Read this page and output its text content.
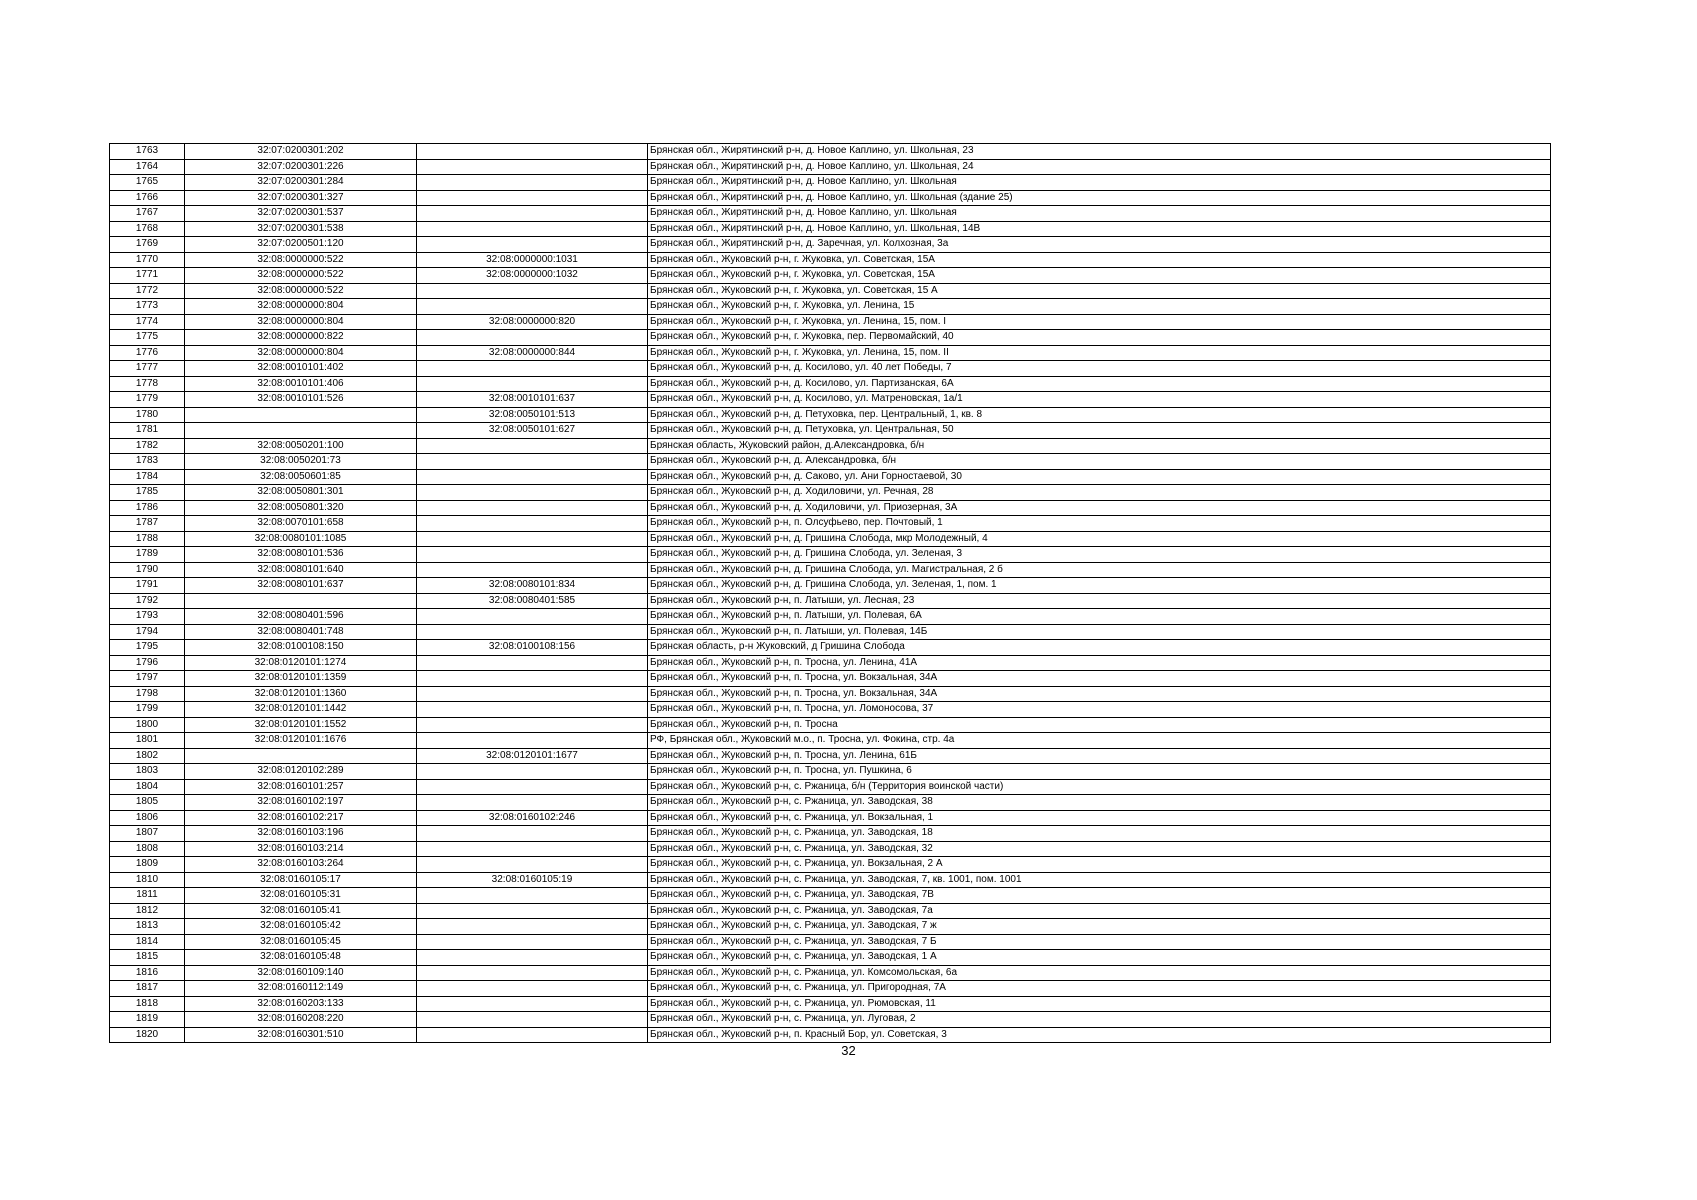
1763	32:07:0200301:202		Брянская обл., Жирятинский р-н, д. Новое Каплино, ул. Школьная, 23
1764	32:07:0200301:226		Брянская обл., Жирятинский р-н, д. Новое Каплино, ул. Школьная, 24
1765	32:07:0200301:284		Брянская обл., Жирятинский р-н, д. Новое Каплино, ул. Школьная
1766	32:07:0200301:327		Брянская обл., Жирятинский р-н, д. Новое Каплино, ул. Школьная (здание 25)
1767	32:07:0200301:537		Брянская обл., Жирятинский р-н, д. Новое Каплино, ул. Школьная
1768	32:07:0200301:538		Брянская обл., Жирятинский р-н, д. Новое Каплино, ул. Школьная, 14В
1769	32:07:0200501:120		Брянская обл., Жирятинский р-н, д. Заречная, ул. Колхозная, 3а
1770	32:08:0000000:522	32:08:0000000:1031	Брянская обл., Жуковский р-н, г. Жуковка, ул. Советская, 15А
1771	32:08:0000000:522	32:08:0000000:1032	Брянская обл., Жуковский р-н, г. Жуковка, ул. Советская, 15А
1772	32:08:0000000:522		Брянская обл., Жуковский р-н, г. Жуковка, ул. Советская, 15 А
1773	32:08:0000000:804		Брянская обл., Жуковский р-н, г. Жуковка, ул. Ленина, 15
1774	32:08:0000000:804	32:08:0000000:820	Брянская обл., Жуковский р-н, г. Жуковка, ул. Ленина, 15, пом. I
1775	32:08:0000000:822		Брянская обл., Жуковский р-н, г. Жуковка, пер. Первомайский, 40
1776	32:08:0000000:804	32:08:0000000:844	Брянская обл., Жуковский р-н, г. Жуковка, ул. Ленина, 15, пом. II
1777	32:08:0010101:402		Брянская обл., Жуковский р-н, д. Косилово, ул. 40 лет Победы, 7
1778	32:08:0010101:406		Брянская обл., Жуковский р-н, д. Косилово, ул. Партизанская, 6А
1779	32:08:0010101:526	32:08:0010101:637	Брянская обл., Жуковский р-н, д. Косилово, ул. Матреновская, 1а/1
1780		32:08:0050101:513	Брянская обл., Жуковский р-н, д. Петуховка, пер. Центральный, 1, кв. 8
1781		32:08:0050101:627	Брянская обл., Жуковский р-н, д. Петуховка, ул. Центральная, 50
1782	32:08:0050201:100		Брянская область, Жуковский район, д.Александровка, б/н
1783	32:08:0050201:73		Брянская обл., Жуковский р-н, д. Александровка, б/н
1784	32:08:0050601:85		Брянская обл., Жуковский р-н, д. Саково, ул. Ани Горностаевой, 30
1785	32:08:0050801:301		Брянская обл., Жуковский р-н, д. Ходиловичи, ул. Речная, 28
1786	32:08:0050801:320		Брянская обл., Жуковский р-н, д. Ходиловичи, ул. Приозерная, 3А
1787	32:08:0070101:658		Брянская обл., Жуковский р-н, п. Олсуфьево, пер. Почтовый, 1
1788	32:08:0080101:1085		Брянская обл., Жуковский р-н, д. Гришина Слобода, мкр Молодежный, 4
1789	32:08:0080101:536		Брянская обл., Жуковский р-н, д. Гришина Слобода, ул. Зеленая, 3
1790	32:08:0080101:640		Брянская обл., Жуковский р-н, д. Гришина Слобода, ул. Магистральная, 2 б
1791	32:08:0080101:637	32:08:0080101:834	Брянская обл., Жуковский р-н, д. Гришина Слобода, ул. Зеленая, 1, пом. 1
1792		32:08:0080401:585	Брянская обл., Жуковский р-н, п. Латыши, ул. Лесная, 23
1793	32:08:0080401:596		Брянская обл., Жуковский р-н, п. Латыши, ул. Полевая, 6А
1794	32:08:0080401:748		Брянская обл., Жуковский р-н, п. Латыши, ул. Полевая, 14Б
1795	32:08:0100108:150	32:08:0100108:156	Брянская область, р-н Жуковский, д Гришина Слобода
1796	32:08:0120101:1274		Брянская обл., Жуковский р-н, п. Тросна, ул. Ленина, 41А
1797	32:08:0120101:1359		Брянская обл., Жуковский р-н, п. Тросна, ул. Вокзальная, 34А
1798	32:08:0120101:1360		Брянская обл., Жуковский р-н, п. Тросна, ул. Вокзальная, 34А
1799	32:08:0120101:1442		Брянская обл., Жуковский р-н, п. Тросна, ул. Ломоносова, 37
1800	32:08:0120101:1552		Брянская обл., Жуковский р-н, п. Тросна
1801	32:08:0120101:1676		РФ, Брянская обл., Жуковский м.о., п. Тросна, ул. Фокина, стр. 4а
1802		32:08:0120101:1677	Брянская обл., Жуковский р-н, п. Тросна, ул. Ленина, 61Б
1803	32:08:0120102:289		Брянская обл., Жуковский р-н, п. Тросна, ул. Пушкина, 6
1804	32:08:0160101:257		Брянская обл., Жуковский р-н, с. Ржаница, б/н (Территория воинской части)
1805	32:08:0160102:197		Брянская обл., Жуковский р-н, с. Ржаница, ул. Заводская, 38
1806	32:08:0160102:217	32:08:0160102:246	Брянская обл., Жуковский р-н, с. Ржаница, ул. Вокзальная, 1
1807	32:08:0160103:196		Брянская обл., Жуковский р-н, с. Ржаница, ул. Заводская, 18
1808	32:08:0160103:214		Брянская обл., Жуковский р-н, с. Ржаница, ул. Заводская, 32
1809	32:08:0160103:264		Брянская обл., Жуковский р-н, с. Ржаница, ул. Вокзальная, 2 А
1810	32:08:0160105:17	32:08:0160105:19	Брянская обл., Жуковский р-н, с. Ржаница, ул. Заводская, 7, кв. 1001, пом. 1001
1811	32:08:0160105:31		Брянская обл., Жуковский р-н, с. Ржаница, ул. Заводская, 7В
1812	32:08:0160105:41		Брянская обл., Жуковский р-н, с. Ржаница, ул. Заводская, 7а
1813	32:08:0160105:42		Брянская обл., Жуковский р-н, с. Ржаница, ул. Заводская, 7 ж
1814	32:08:0160105:45		Брянская обл., Жуковский р-н, с. Ржаница, ул. Заводская, 7 Б
1815	32:08:0160105:48		Брянская обл., Жуковский р-н, с. Ржаница, ул. Заводская, 1 А
1816	32:08:0160109:140		Брянская обл., Жуковский р-н, с. Ржаница, ул. Комсомольская, 6а
1817	32:08:0160112:149		Брянская обл., Жуковский р-н, с. Ржаница, ул. Пригородная, 7А
1818	32:08:0160203:133		Брянская обл., Жуковский р-н, с. Ржаница, ул. Рюмовская, 11
1819	32:08:0160208:220		Брянская обл., Жуковский р-н, с. Ржаница, ул. Луговая, 2
1820	32:08:0160301:510		Брянская обл., Жуковский р-н, п. Красный Бор, ул. Советская, 3
32
